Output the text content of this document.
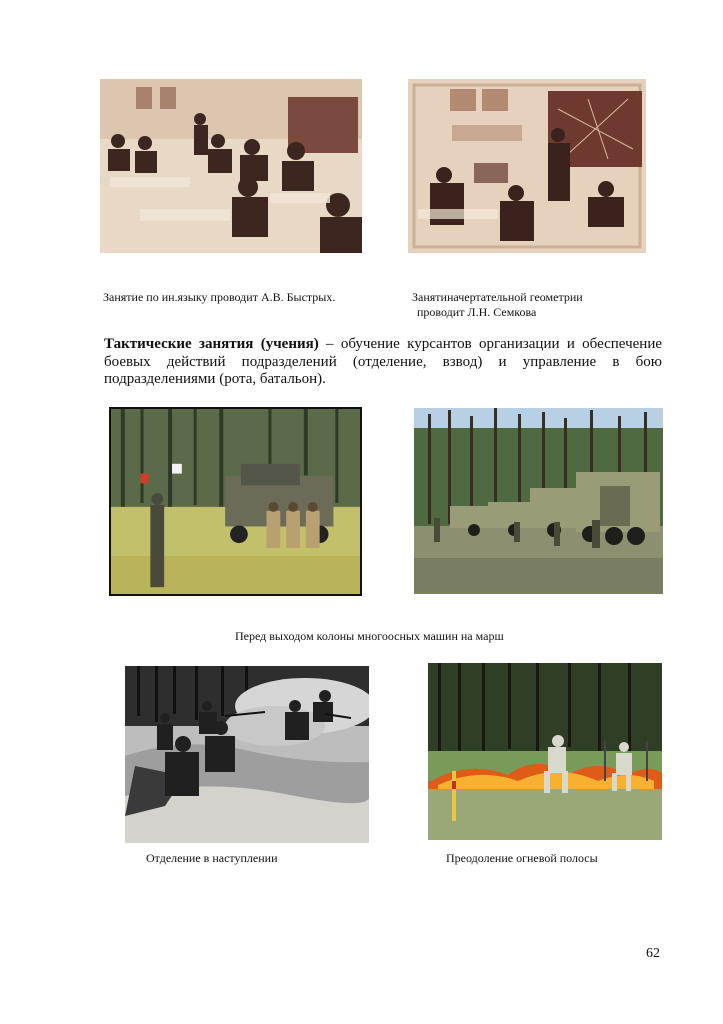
Занятие по ин.языку проводит А.В. Быстрых.	Занятиначертательной геометрии
проводит Л.Н. Семкова
Тактические занятия (учения) – обучение курсантов организации и обеспечение боевых действий подразделений (отделение, взвод) и управление в бою подразделениями (рота, батальон).
Перед выходом колоны многоосных машин на марш
Отделение в наступлении	Преодоление огневой полосы
62
